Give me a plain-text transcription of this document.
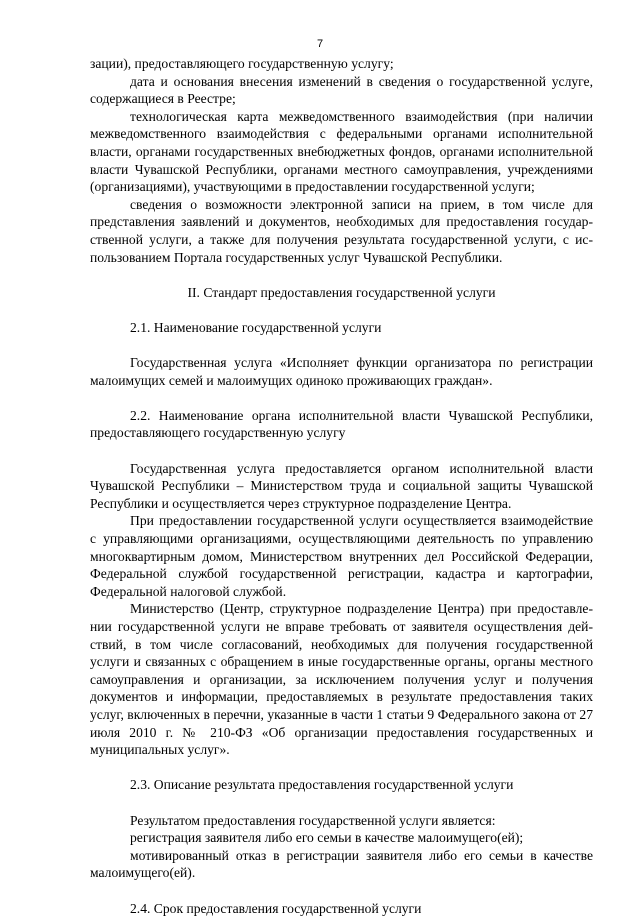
7

зации), предоставляющего государственную услугу;

дата и основания внесения изменений в сведения о государственной услуге, содержащиеся в Реестре;

технологическая карта межведомственного взаимодействия (при наличии межведомственного взаимодействия с федеральными органами исполнительной власти, органами государственных внебюджетных фондов, органами исполнительной власти Чувашской Республики, органами местного самоуправления, учреждениями (организациями), участвующими в предоставлении государственной услуги;

сведения о возможности электронной записи на прием, в том числе для представления заявлений и документов, необходимых для предоставления государственной услуги, а также для получения результата государственной услуги, с использованием Портала государственных услуг Чувашской Республики.

II. Стандарт предоставления государственной услуги

2.1. Наименование государственной услуги

Государственная услуга «Исполняет функции организатора по регистрации малоимущих семей и малоимущих одиноко проживающих граждан».

2.2. Наименование органа исполнительной власти Чувашской Республики, предоставляющего государственную услугу

Государственная услуга предоставляется органом исполнительной власти Чувашской Республики – Министерством труда и социальной защиты Чувашской Республики и осуществляется через структурное подразделение Центра.

При предоставлении государственной услуги осуществляется взаимодействие с управляющими организациями, осуществляющими деятельность по управлению многоквартирным домом, Министерством внутренних дел Российской Федерации, Федеральной службой государственной регистрации, кадастра и картографии, Федеральной налоговой службой.

Министерство (Центр, структурное подразделение Центра) при предоставлении государственной услуги не вправе требовать от заявителя осуществления действий, в том числе согласований, необходимых для получения государственной услуги и связанных с обращением в иные государственные органы, органы местного самоуправления и организации, за исключением получения услуг и получения документов и информации, предоставляемых в результате предоставления таких услуг, включенных в перечни, указанные в части 1 статьи 9 Федерального закона от 27 июля 2010 г. № 210-ФЗ «Об организации предоставления государственных и муниципальных услуг».

2.3. Описание результата предоставления государственной услуги

Результатом предоставления государственной услуги является:

регистрация заявителя либо его семьи в качестве малоимущего(ей);

мотивированный отказ в регистрации заявителя либо его семьи в качестве малоимущего(ей).

2.4. Срок предоставления государственной услуги
